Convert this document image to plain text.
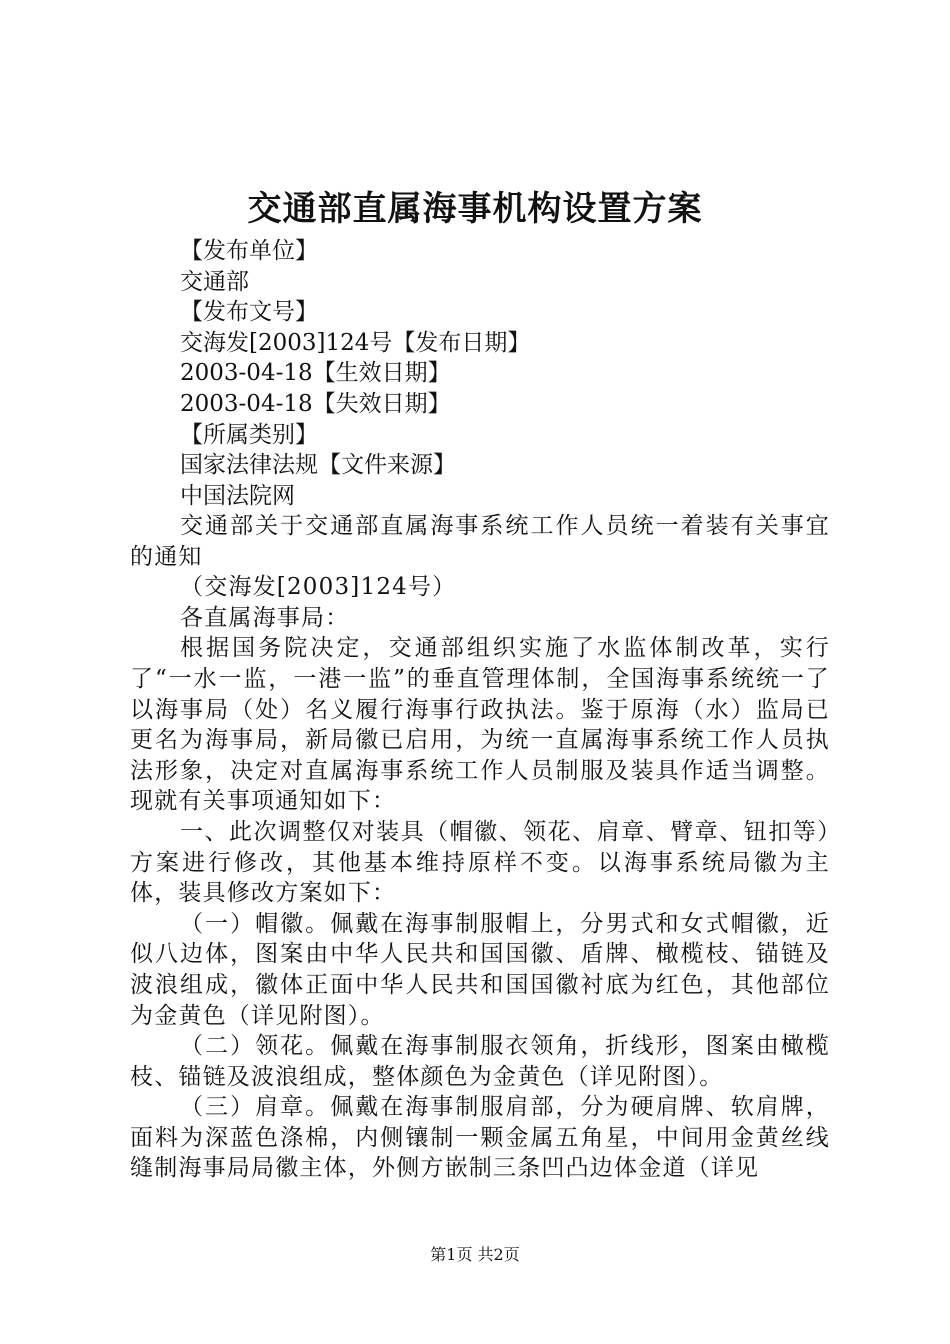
交通部直属海事机构设置方案
【发布单位】
交通部
【发布文号】
交海发[2003]124号【发布日期】
2003-04-18【生效日期】
2003-04-18【失效日期】
【所属类别】
国家法律法规【文件来源】
中国法院网

交通部关于交通部直属海事系统工作人员统一着装有关事宜的通知

（交海发[2003]124号）

各直属海事局：

根据国务院决定，交通部组织实施了水监体制改革，实行了“一水一监，一港一监”的垂直管理体制，全国海事系统统一了以海事局（处）名义履行海事行政执法。鉴于原海（水）监局已更名为海事局，新局徽已启用，为统一直属海事系统工作人员执法形象，决定对直属海事系统工作人员制服及装具作适当调整。现就有关事项通知如下：

一、此次调整仅对装具（帽徽、领花、肩章、臂章、钮扣等）方案进行修改，其他基本维持原样不变。以海事系统局徽为主体，装具修改方案如下：

（一）帽徽。佩戴在海事制服帽上，分男式和女式帽徽，近似八边体，图案由中华人民共和国国徽、盾牌、橄榄枝、锚链及波浪组成，徽体正面中华人民共和国国徽衬底为红色，其他部位为金黄色（详见附图）。

（二）领花。佩戴在海事制服衣领角，折线形，图案由橄榄枝、锚链及波浪组成，整体颜色为金黄色（详见附图）。

（三）肩章。佩戴在海事制服肩部，分为硬肩牌、软肩牌，面料为深蓝色涤棉，内侧镶制一颗金属五角星，中间用金黄丝线缝制海事局局徽主体，外侧方嵌制三条凹凸边体金道（详见

第1页 共2页
